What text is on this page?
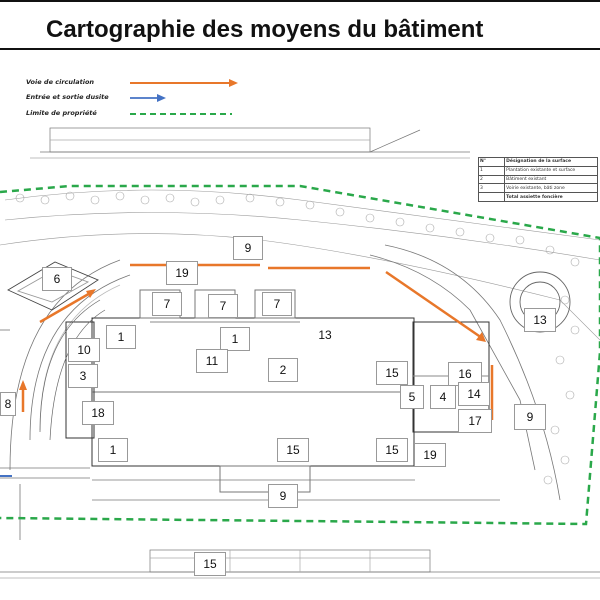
Cartographie des moyens du bâtiment
Voie de circulation
Entrée et sortie dusite
Limite de propriété
N°	Désignation de la surface
1	Plantation existante et surface
2	Bâtiment existant
3	Voirie existante, bâti zone
	Total assiette foncière
9
19
6
7	7	7
13
1	1	13
10
11
3	2	15	16
8	5	4	14
18
17	9
1	15	15	19
9
15
